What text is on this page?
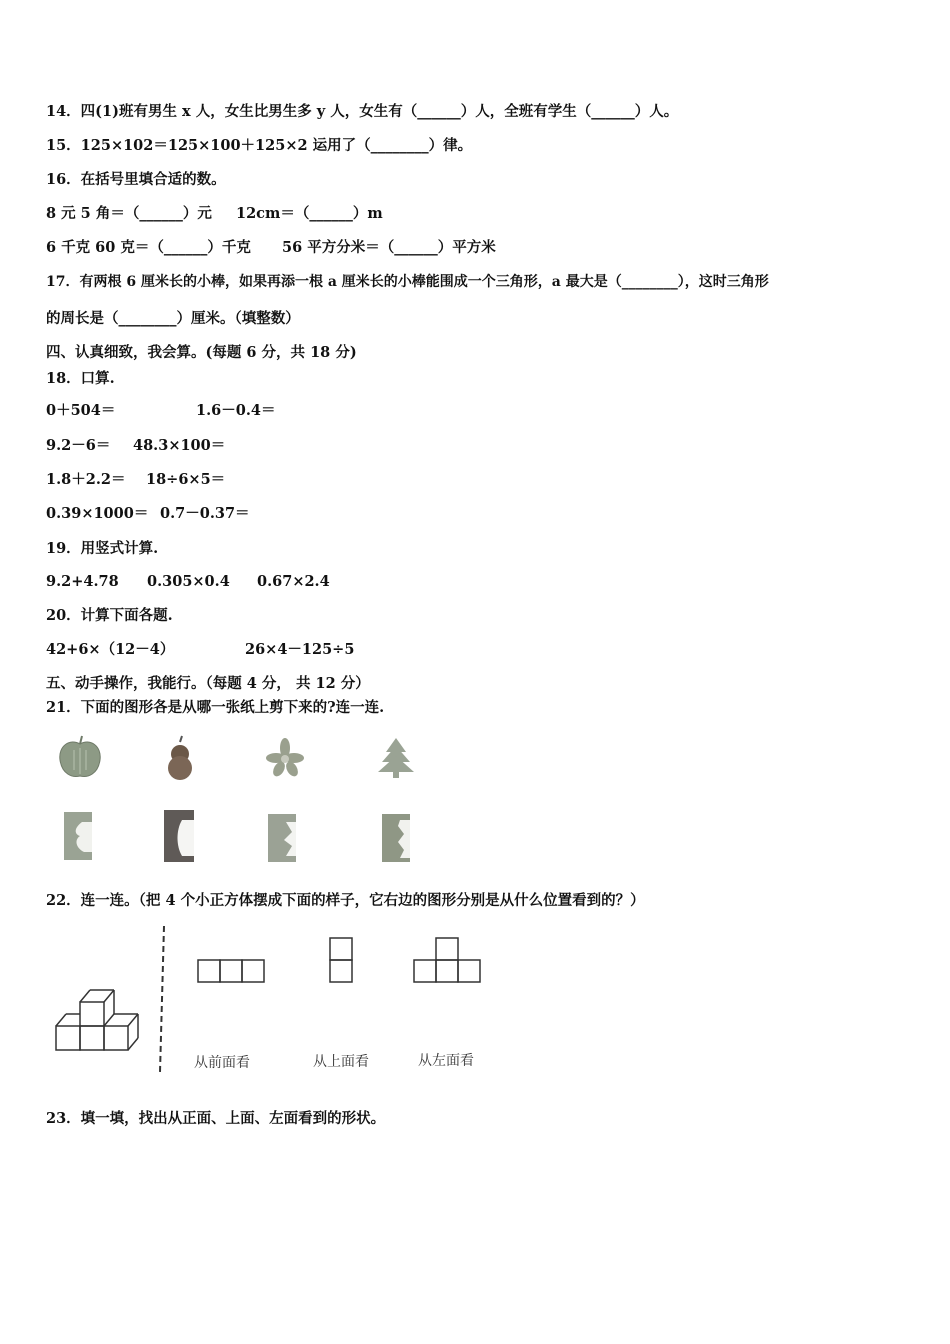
14．四(1)班有男生 x 人，女生比男生多 y 人，女生有（______）人，全班有学生（______）人。
15．125×102＝125×100＋125×2 运用了（________）律。
16．在括号里填合适的数。
8 元 5 角＝（______）元 12cm＝（______）m
6 千克 60 克＝（______）千克 56 平方分米＝（______）平方米
17．有两根 6 厘米长的小棒，如果再添一根 a 厘米长的小棒能围成一个三角形，a 最大是（________），这时三角形
的周长是（________）厘米。（填整数）
四、认真细致，我会算。(每题 6 分，共 18 分)
18．口算.
0＋504＝	1.6－0.4＝
9.2－6＝ 48.3×100＝
1.8＋2.2＝ 18÷6×5＝
0.39×1000＝ 0.7－0.37＝
19．用竖式计算.
9.2+4.78 0.305×0.4 0.67×2.4
20．计算下面各题.
42+6×（12－4）	26×4－125÷5
五、动手操作，我能行。（每题 4 分， 共 12 分）
21．下面的图形各是从哪一张纸上剪下来的?连一连.
22．连一连。（把 4 个小正方体摆成下面的样子，它右边的图形分别是从什么位置看到的？）
从前面看	从上面看	从左面看
23．填一填，找出从正面、上面、左面看到的形状。
